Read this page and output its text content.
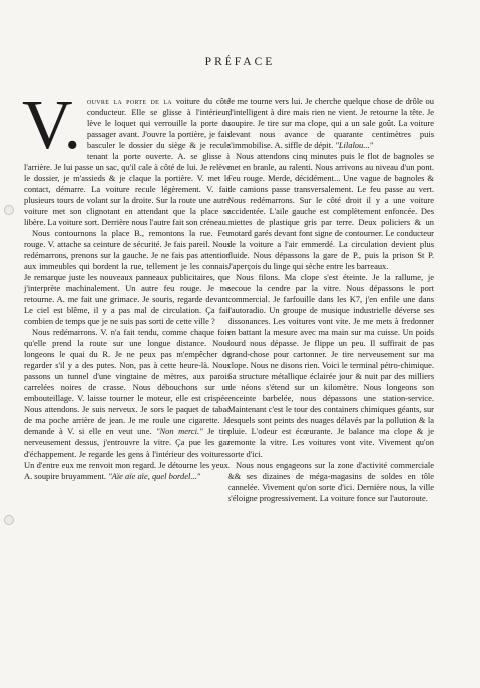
PRÉFACE

V. ouvre la porte de la voiture du côté conducteur. Elle se glisse à l'intérieur, lève le loquet qui verrouille la porte du passager avant. J'ouvre la portière, je fais basculer le dossier du siège & je recule tenant la porte ouverte. A. se glisse à l'arrière. Je lui passe un sac, qu'il cale à côté de lui. Je relève le dossier, je m'assieds & je claque la portière. V. met le contact, démarre. La voiture recule légèrement. V. fait plusieurs tours de volant sur la droite. Sur la route une autre voiture met son clignotant en attendant que la place se libère. La voiture sort. Derrière nous l'autre fait son créneau.

Nous contournons la place B., remontons la rue. Feu rouge. V. attache sa ceinture de sécurité. Je fais pareil. Nous redémarrons, prenons sur la gauche. Je ne fais pas attention aux immeubles qui bordent la rue, tellement je les connais. Je remarque juste les nouveaux panneaux publicitaires, que j'interprète machinalement. Un autre feu rouge. Je me retourne. A. me fait une grimace. Je souris, regarde devant. Le ciel est blême, il y a pas mal de circulation. Ça fait combien de temps que je ne suis pas sorti de cette ville ?

Nous redémarrons. V. n'a fait tendu, comme chaque fois qu'elle prend la route sur une longue distance. Nous longeons le quai du R. Je ne peux pas m'empêcher de regarder s'il y a des putes. Non, pas à cette heure-là. Nous passons un tunnel d'une vingtaine de mètres, aux parois carrelées noires de crasse. Nous débouchons sur un embouteillage. V. laisse tourner le moteur, elle est crispée. Nous attendons. Je suis nerveux. Je sors le paquet de tabac de ma poche arrière de jean. Je me roule une cigarette. Je demande à V. si elle en veut une. "Non merci." Je tire nerveusement dessus, j'entrouvre la vitre. Ça pue les gaz d'échappement. Je regarde les gens à l'intérieur des voitures. Un d'entre eux me renvoit mon regard. Je détourne les yeux. A. soupire bruyamment. "Aïe aïe aïe, quel bordel..."

Je me tourne vers lui. Je cherche quelque chose de drôle ou d'intelligent à dire mais rien ne vient. Je retourne la tête. Je soupire. Je tire sur ma clope, qui a un sale goût. La voiture devant nous avance de quarante centimètres puis s'immobilise. A. siffle de dépit. "Lilalou..."

Nous attendons cinq minutes puis le flot de bagnoles se met en branle, au ralenti. Nous arrivons au niveau d'un pont. Feu rouge. Merde, décidément... Une vague de bagnoles & de camions passe transversalement. Le feu passe au vert. Nous redémarrons. Sur le côté droit il y a une voiture accidentée. L'aile gauche est complètement enfoncée. Des miettes de plastique gris par terre. Deux policiers & un motard garés devant font signe de contourner. Le conducteur de la voiture a l'air emmerdé. La circulation devient plus fluide. Nous dépassons la gare de P., puis la prison St P. J'aperçois du linge qui sèche entre les barreaux.

Nous filons. Ma clope s'est éteinte. Je la rallume, je secoue la cendre par la vitre. Nous dépassons le port commercial. Je farfouille dans les K7, j'en enfile une dans l'autoradio. Un groupe de musique industrielle déverse ses dissonances. Les voitures vont vite. Je me mets à fredonner en battant la mesure avec ma main sur ma cuisse. Un poids lourd nous dépasse. Je flippe un peu. Il suffirait de pas grand-chose pour cartonner. Je tire nerveusement sur ma clope. Nous ne disons rien. Voici le terminal pétro-chimique. Sa structure métallique éclairée jour & nuit par des milliers de néons s'étend sur un kilomètre. Nous longeons son enceinte barbelée, nous dépassons une station-service. Maintenant c'est le tour des containers chimiques géants, sur lesquels sont peints des nuages délavés par la pollution & la pluie. L'odeur est écœurante. Je balance ma clope & je remonte la vitre. Les voitures vont vite. Vivement qu'on sorte d'ici.

Nous nous engageons sur la zone d'activité commerciale && ses dizaines de méga-magasins de soldes en tôle cannelée. Vivement qu'on sorte d'ici. Dernière nous, la ville s'éloigne progressivement. La voiture fonce sur l'autoroute.
